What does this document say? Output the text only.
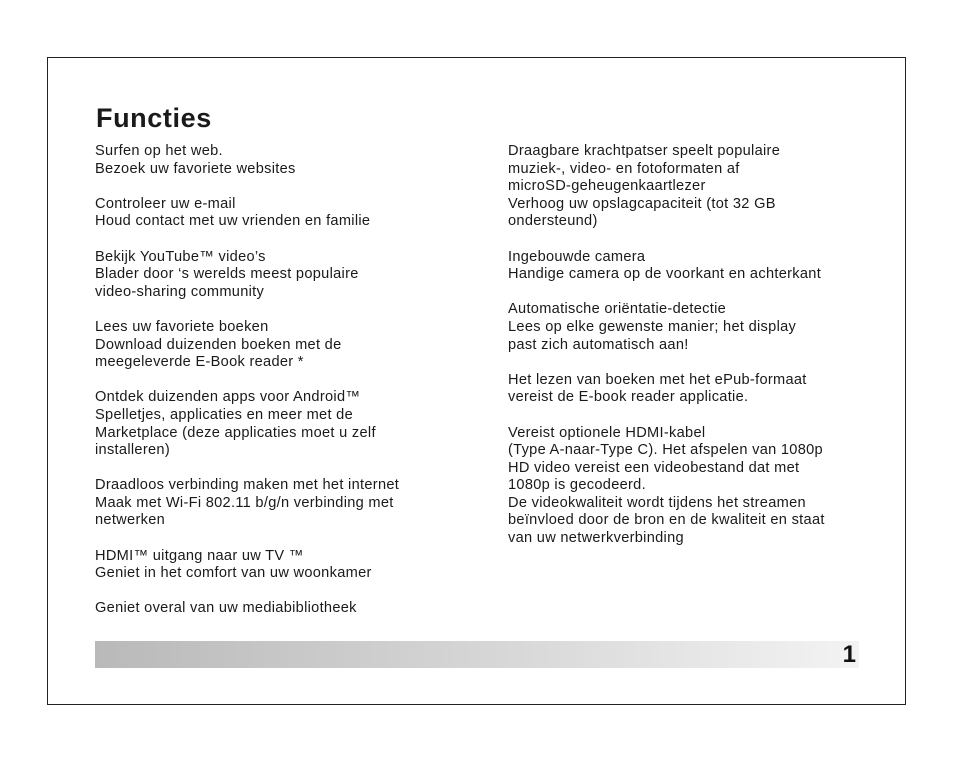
Functies
Surfen op het web.
Bezoek uw favoriete websites
Controleer uw e-mail
Houd contact met uw vrienden en familie
Bekijk YouTube™ video’s
Blader door ‘s werelds meest populaire
video-sharing community
Lees uw favoriete boeken
Download duizenden boeken met de
meegeleverde E-Book reader *
Ontdek duizenden apps voor Android™
Spelletjes, applicaties en meer met de
Marketplace (deze applicaties moet u zelf
installeren)
Draadloos verbinding maken met het internet
Maak met Wi-Fi 802.11 b/g/n verbinding met
netwerken
HDMI™ uitgang naar uw TV ™
Geniet in het comfort van uw woonkamer
Geniet overal van uw mediabibliotheek
Draagbare krachtpatser speelt populaire
muziek-, video- en fotoformaten af
microSD-geheugenkaartlezer
Verhoog uw opslagcapaciteit (tot 32 GB
ondersteund)
Ingebouwde camera
Handige camera op de voorkant en achterkant
Automatische oriëntatie-detectie
Lees op elke gewenste manier; het display
past zich automatisch aan!
Het lezen van boeken met het ePub-formaat
vereist de E-book reader applicatie.
Vereist optionele HDMI-kabel
(Type A-naar-Type C). Het afspelen van 1080p
HD video vereist een videobestand dat met
1080p is gecodeerd.
De videokwaliteit wordt tijdens het streamen
beïnvloed door de bron en de kwaliteit en staat
van uw netwerkverbinding
1
